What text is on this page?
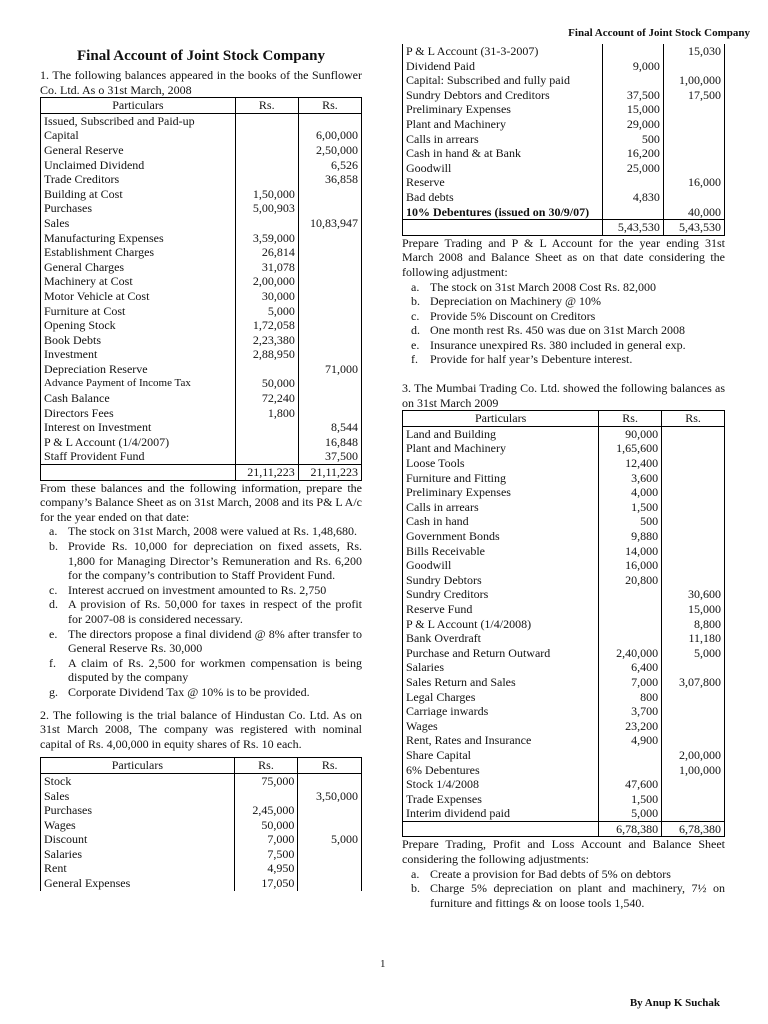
Final Account of Joint Stock Company
Final Account of Joint Stock Company

1. The following balances appeared in the books of the Sunflower Co. Ltd. As o 31st March, 2008

Particulars	Rs.	Rs.
Issued, Subscribed and Paid-up		
Capital		6,00,000
General Reserve		2,50,000
Unclaimed Dividend		6,526
Trade Creditors		36,858
Building at Cost	1,50,000	
Purchases	5,00,903	
Sales		10,83,947
Manufacturing Expenses	3,59,000	
Establishment Charges	26,814	
General Charges	31,078	
Machinery at Cost	2,00,000	
Motor Vehicle at Cost	30,000	
Furniture at Cost	5,000	
Opening Stock	1,72,058	
Book Debts	2,23,380	
Investment	2,88,950	
Depreciation Reserve		71,000
Advance Payment of Income Tax	50,000	
Cash Balance	72,240	
Directors Fees	1,800	
Interest on Investment		8,544
P & L Account (1/4/2007)		16,848
Staff Provident Fund		37,500
	21,11,223	21,11,223

From these balances and the following information, prepare the company’s Balance Sheet as on 31st March, 2008 and its P& L A/c for the year ended on that date:

a. The stock on 31st March, 2008 were valued at Rs. 1,48,680.
b. Provide Rs. 10,000 for depreciation on fixed assets, Rs. 1,800 for Managing Director’s Remuneration and Rs. 6,200 for the company’s contribution to Staff Provident Fund.
c. Interest accrued on investment amounted to Rs. 2,750
d. A provision of Rs. 50,000 for taxes in respect of the profit for 2007-08 is considered necessary.
e. The directors propose a final dividend @ 8% after transfer to General Reserve Rs. 30,000
f. A claim of Rs. 2,500 for workmen compensation is being disputed by the company
g. Corporate Dividend Tax @ 10% is to be provided.

2. The following is the trial balance of Hindustan Co. Ltd. As on 31st March 2008, The company was registered with nominal capital of Rs. 4,00,000 in equity shares of Rs. 10 each.

Particulars	Rs.	Rs.
Stock	75,000	
Sales		3,50,000
Purchases	2,45,000	
Wages	50,000	
Discount	7,000	5,000
Salaries	7,500	
Rent	4,950	
General Expenses	17,050	
P & L Account (31-3-2007)		15,030
Dividend Paid	9,000	
Capital: Subscribed and fully paid		1,00,000
Sundry Debtors and Creditors	37,500	17,500
Preliminary Expenses	15,000	
Plant and Machinery	29,000	
Calls in arrears	500	
Cash in hand & at Bank	16,200	
Goodwill	25,000	
Reserve		16,000
Bad debts	4,830	
10% Debentures (issued on 30/9/07)		40,000
	5,43,530	5,43,530

Prepare Trading and P & L Account for the year ending 31st March 2008 and Balance Sheet as on that date considering the following adjustment:

a. The stock on 31st March 2008 Cost Rs. 82,000
b. Depreciation on Machinery @ 10%
c. Provide 5% Discount on Creditors
d. One month rest Rs. 450 was due on 31st March 2008
e. Insurance unexpired Rs. 380 included in general exp.
f. Provide for half year’s Debenture interest.

3. The Mumbai Trading Co. Ltd. showed the following balances as on 31st March 2009

Particulars	Rs.	Rs.
Land and Building	90,000	
Plant and Machinery	1,65,600	
Loose Tools	12,400	
Furniture and Fitting	3,600	
Preliminary Expenses	4,000	
Calls in arrears	1,500	
Cash in hand	500	
Government Bonds	9,880	
Bills Receivable	14,000	
Goodwill	16,000	
Sundry Debtors	20,800	
Sundry Creditors		30,600
Reserve Fund		15,000
P & L Account (1/4/2008)		8,800
Bank Overdraft		11,180
Purchase and Return Outward	2,40,000	5,000
Salaries	6,400	
Sales Return and Sales	7,000	3,07,800
Legal Charges	800	
Carriage inwards	3,700	
Wages	23,200	
Rent, Rates and Insurance	4,900	
Share Capital		2,00,000
6% Debentures		1,00,000
Stock 1/4/2008	47,600	
Trade Expenses	1,500	
Interim dividend paid	5,000	
	6,78,380	6,78,380

Prepare Trading, Profit and Loss Account and Balance Sheet considering the following adjustments:

a. Create a provision for Bad debts of 5% on debtors
b. Charge 5% depreciation on plant and machinery, 7½ on furniture and fittings & on loose tools 1,540.
1
By Anup K Suchak
